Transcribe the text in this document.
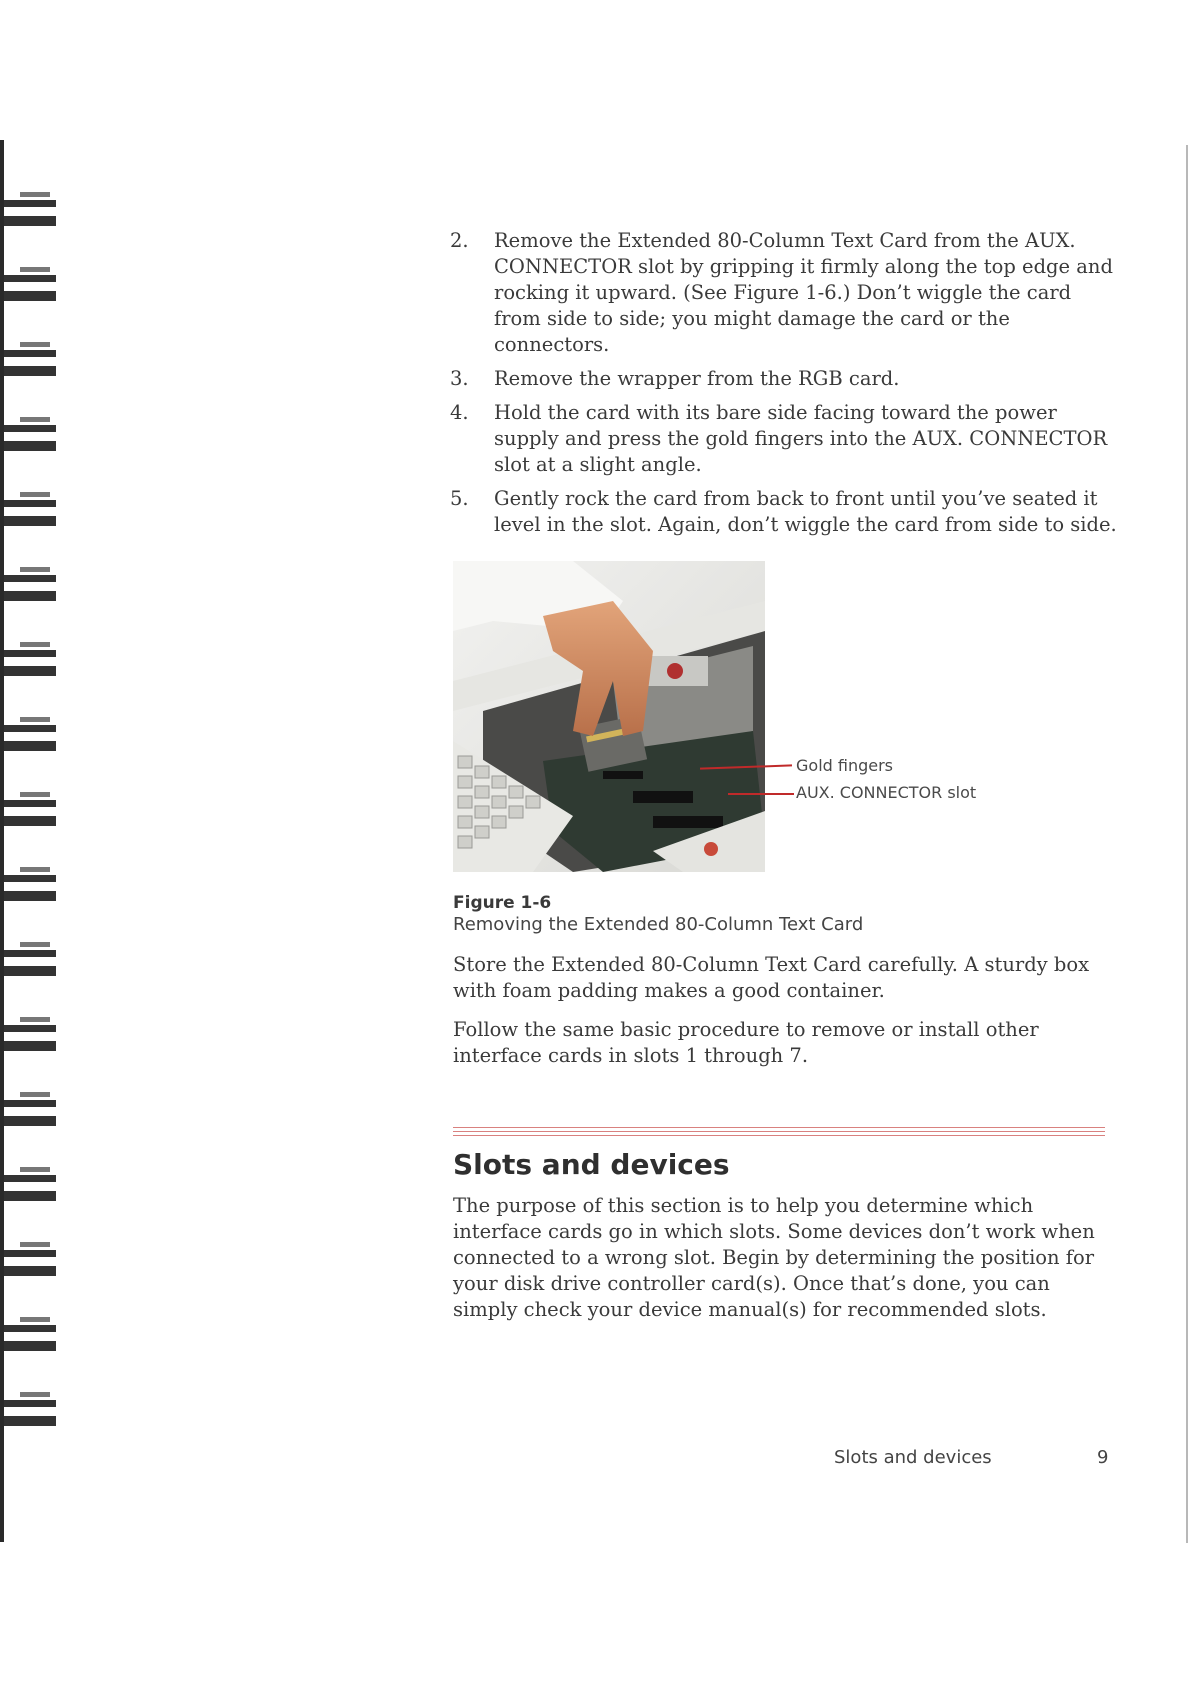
2. Remove the Extended 80-Column Text Card from the AUX. CONNECTOR slot by gripping it firmly along the top edge and rocking it upward. (See Figure 1-6.) Don’t wiggle the card from side to side; you might damage the card or the connectors.
3. Remove the wrapper from the RGB card.
4. Hold the card with its bare side facing toward the power supply and press the gold fingers into the AUX. CONNECTOR slot at a slight angle.
5. Gently rock the card from back to front until you’ve seated it level in the slot. Again, don’t wiggle the card from side to side.
Gold fingers
AUX. CONNECTOR slot
Figure 1-6
Removing the Extended 80-Column Text Card

Store the Extended 80-Column Text Card carefully. A sturdy box with foam padding makes a good container.

Follow the same basic procedure to remove or install other interface cards in slots 1 through 7.

Slots and devices

The purpose of this section is to help you determine which interface cards go in which slots. Some devices don’t work when connected to a wrong slot. Begin by determining the position for your disk drive controller card(s). Once that’s done, you can simply check your device manual(s) for recommended slots.

Slots and devices	9
